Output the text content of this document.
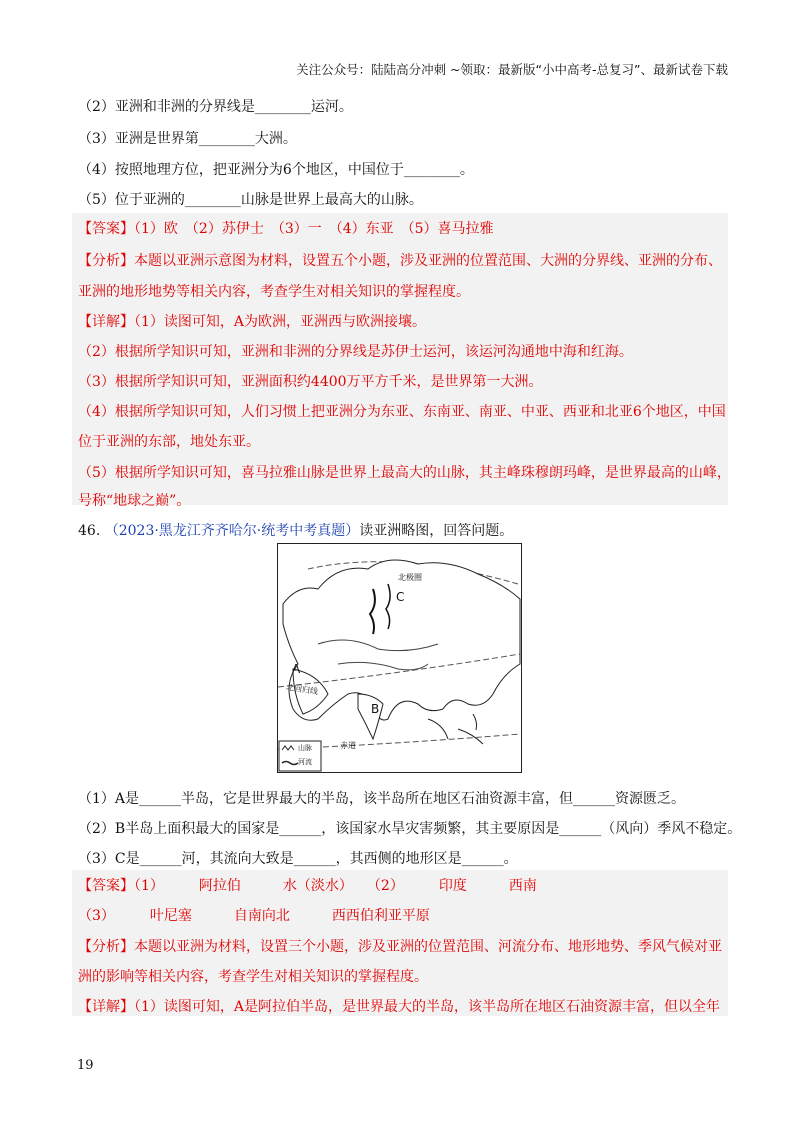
关注公众号：陆陆高分冲刺 ~领取：最新版“小中高考-总复习”、最新试卷下载
（2）亚洲和非洲的分界线是________运河。
（3）亚洲是世界第________大洲。
（4）按照地理方位，把亚洲分为6个地区，中国位于________。
（5）位于亚洲的________山脉是世界上最高大的山脉。
【答案】（1）欧　（2）苏伊士　（3）一　（4）东亚　（5）喜马拉雅
【分析】本题以亚洲示意图为材料，设置五个小题，涉及亚洲的位置范围、大洲的分界线、亚洲的分布、
亚洲的地形地势等相关内容，考查学生对相关知识的掌握程度。
【详解】（1）读图可知，A为欧洲，亚洲西与欧洲接壤。
（2）根据所学知识可知，亚洲和非洲的分界线是苏伊士运河，该运河沟通地中海和红海。
（3）根据所学知识可知，亚洲面积约4400万平方千米，是世界第一大洲。
（4）根据所学知识可知，人们习惯上把亚洲分为东亚、东南亚、南亚、中亚、西亚和北亚6个地区，中国
位于亚洲的东部，地处东亚。
（5）根据所学知识可知，喜马拉雅山脉是世界上最高大的山脉，其主峰珠穆朗玛峰，是世界最高的山峰，
号称“地球之巅”。
46. （2023·黑龙江齐齐哈尔·统考中考真题）读亚洲略图，回答问题。
A
B
C
北极圈
北回归线
赤道
山脉
河流
（1）A是______半岛，它是世界最大的半岛，该半岛所在地区石油资源丰富，但______资源匮乏。
（2）B半岛上面积最大的国家是______，该国家水旱灾害频繁，其主要原因是______（风向）季风不稳定。
（3）C是______河，其流向大致是______，其西侧的地形区是______。
【答案】（1）　　　阿拉伯　　　水（淡水）　　（2）　　　印度　　　西南
（3）　　　叶尼塞　　　自南向北　　　西西伯利亚平原
【分析】本题以亚洲为材料，设置三个小题，涉及亚洲的位置范围、河流分布、地形地势、季风气候对亚
洲的影响等相关内容，考查学生对相关知识的掌握程度。
【详解】（1）读图可知，A是阿拉伯半岛，是世界最大的半岛，该半岛所在地区石油资源丰富，但以全年
19
